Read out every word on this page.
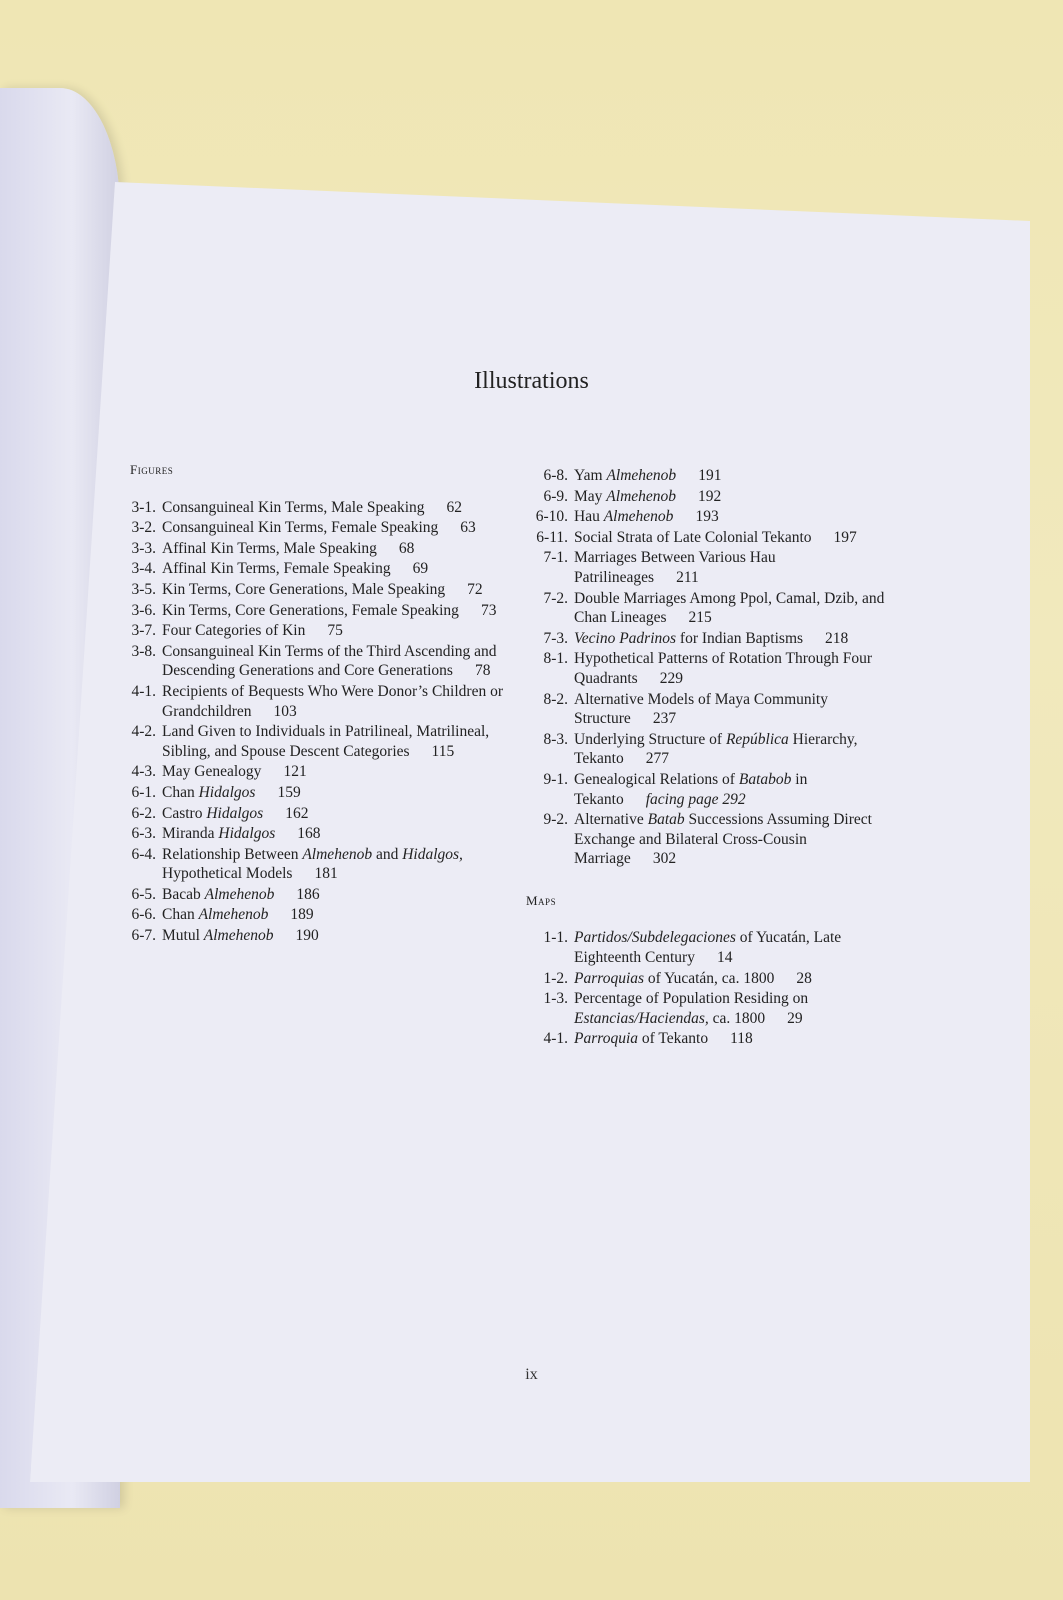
Illustrations
Figures
3-1. Consanguineal Kin Terms, Male Speaking 62
3-2. Consanguineal Kin Terms, Female Speaking 63
3-3. Affinal Kin Terms, Male Speaking 68
3-4. Affinal Kin Terms, Female Speaking 69
3-5. Kin Terms, Core Generations, Male Speaking 72
3-6. Kin Terms, Core Generations, Female Speaking 73
3-7. Four Categories of Kin 75
3-8. Consanguineal Kin Terms of the Third Ascending and Descending Generations and Core Generations 78
4-1. Recipients of Bequests Who Were Donor’s Children or Grandchildren 103
4-2. Land Given to Individuals in Patrilineal, Matrilineal, Sibling, and Spouse Descent Categories 115
4-3. May Genealogy 121
6-1. Chan Hidalgos 159
6-2. Castro Hidalgos 162
6-3. Miranda Hidalgos 168
6-4. Relationship Between Almehenob and Hidalgos, Hypothetical Models 181
6-5. Bacab Almehenob 186
6-6. Chan Almehenob 189
6-7. Mutul Almehenob 190
6-8. Yam Almehenob 191
6-9. May Almehenob 192
6-10. Hau Almehenob 193
6-11. Social Strata of Late Colonial Tekanto 197
7-1. Marriages Between Various Hau Patrilineages 211
7-2. Double Marriages Among Ppol, Camal, Dzib, and Chan Lineages 215
7-3. Vecino Padrinos for Indian Baptisms 218
8-1. Hypothetical Patterns of Rotation Through Four Quadrants 229
8-2. Alternative Models of Maya Community Structure 237
8-3. Underlying Structure of República Hierarchy, Tekanto 277
9-1. Genealogical Relations of Batabob in Tekanto facing page 292
9-2. Alternative Batab Successions Assuming Direct Exchange and Bilateral Cross-Cousin Marriage 302
Maps
1-1. Partidos/Subdelegaciones of Yucatán, Late Eighteenth Century 14
1-2. Parroquias of Yucatán, ca. 1800 28
1-3. Percentage of Population Residing on Estancias/Haciendas, ca. 1800 29
4-1. Parroquia of Tekanto 118
ix
